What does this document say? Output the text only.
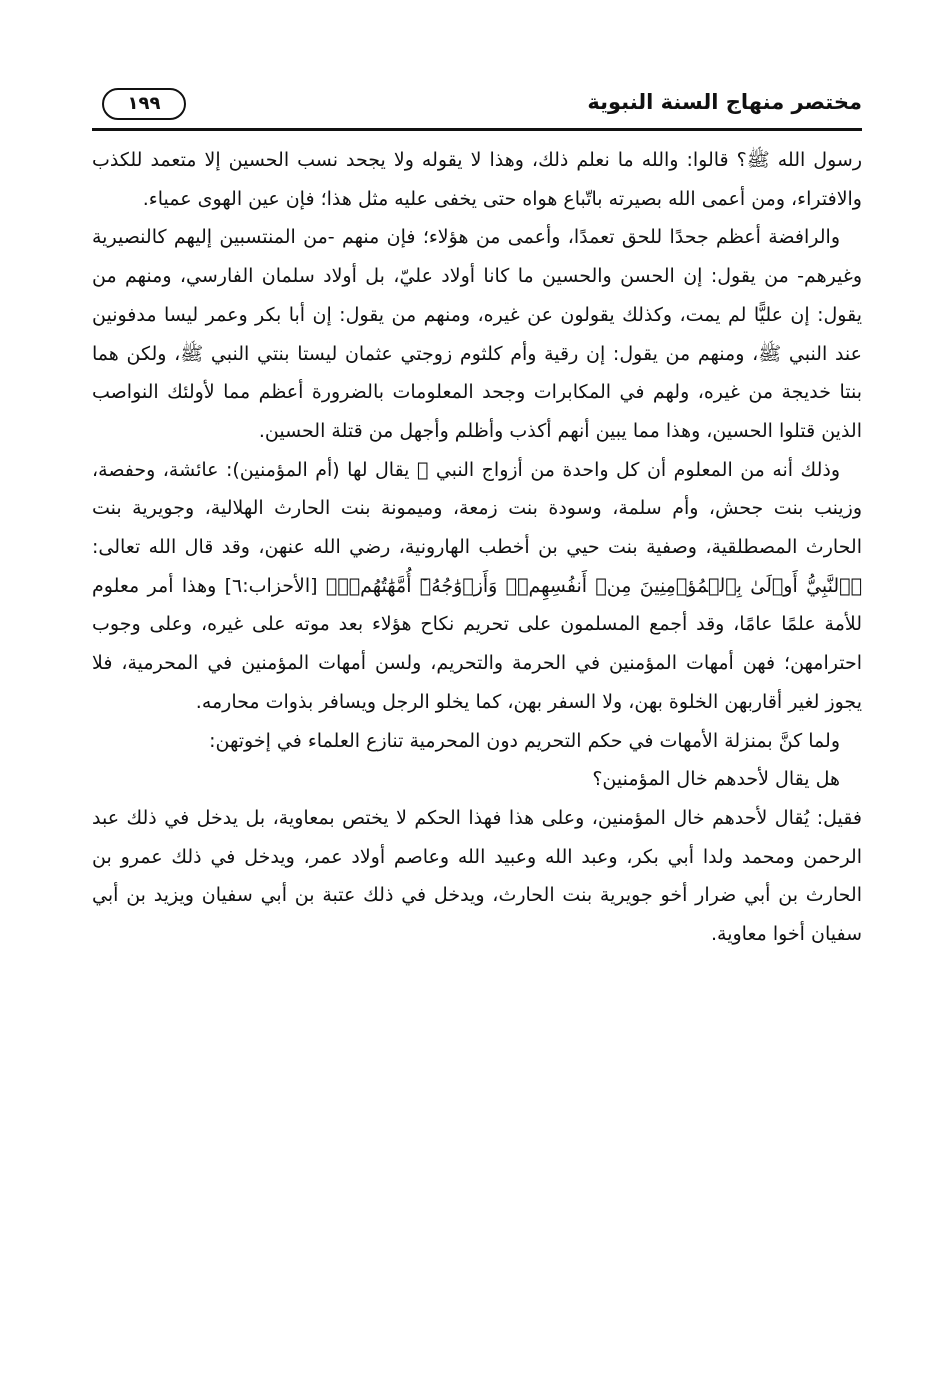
مختصر منهاج السنة النبوية
١٩٩

رسول الله ﷺ؟ قالوا: والله ما نعلم ذلك، وهذا لا يقوله ولا يجحد نسب الحسين إلا متعمد للكذب والافتراء، ومن أعمى الله بصيرته باتّباع هواه حتى يخفى عليه مثل هذا؛ فإن عين الهوى عمياء.

والرافضة أعظم جحدًا للحق تعمدًا، وأعمى من هؤلاء؛ فإن منهم -من المنتسبين إليهم كالنصيرية وغيرهم- من يقول: إن الحسن والحسين ما كانا أولاد عليّ، بل أولاد سلمان الفارسي، ومنهم من يقول: إن عليًّا لم يمت، وكذلك يقولون عن غيره، ومنهم من يقول: إن أبا بكر وعمر ليسا مدفونين عند النبي ﷺ، ومنهم من يقول: إن رقية وأم كلثوم زوجتي عثمان ليستا بنتي النبي ﷺ، ولكن هما بنتا خديجة من غيره، ولهم في المكابرات وجحد المعلومات بالضرورة أعظم مما لأولئك النواصب الذين قتلوا الحسين، وهذا مما يبين أنهم أكذب وأظلم وأجهل من قتلة الحسين.

وذلك أنه من المعلوم أن كل واحدة من أزواج النبي ﷺ يقال لها (أم المؤمنين): عائشة، وحفصة، وزينب بنت جحش، وأم سلمة، وسودة بنت زمعة، وميمونة بنت الحارث الهلالية، وجويرية بنت الحارث المصطلقية، وصفية بنت حيي بن أخطب الهارونية، رضي الله عنهن، وقد قال الله تعالى: ﴿ٱلنَّبِيُّ أَوۡلَىٰ بِٱلۡمُؤۡمِنِينَ مِنۡ أَنفُسِهِمۡۖ وَأَزۡوَٰجُهُۥٓ أُمَّهَٰتُهُمۡۗ﴾ [الأحزاب:٦] وهذا أمر معلوم للأمة علمًا عامًا، وقد أجمع المسلمون على تحريم نكاح هؤلاء بعد موته على غيره، وعلى وجوب احترامهن؛ فهن أمهات المؤمنين في الحرمة والتحريم، ولسن أمهات المؤمنين في المحرمية، فلا يجوز لغير أقاربهن الخلوة بهن، ولا السفر بهن، كما يخلو الرجل ويسافر بذوات محارمه.

ولما كنَّ بمنزلة الأمهات في حكم التحريم دون المحرمية تنازع العلماء في إخوتهن:

هل يقال لأحدهم خال المؤمنين؟

فقيل: يُقال لأحدهم خال المؤمنين، وعلى هذا فهذا الحكم لا يختص بمعاوية، بل يدخل في ذلك عبد الرحمن ومحمد ولدا أبي بكر، وعبد الله وعبيد الله وعاصم أولاد عمر، ويدخل في ذلك عمرو بن الحارث بن أبي ضرار أخو جويرية بنت الحارث، ويدخل في ذلك عتبة بن أبي سفيان ويزيد بن أبي سفيان أخوا معاوية.
